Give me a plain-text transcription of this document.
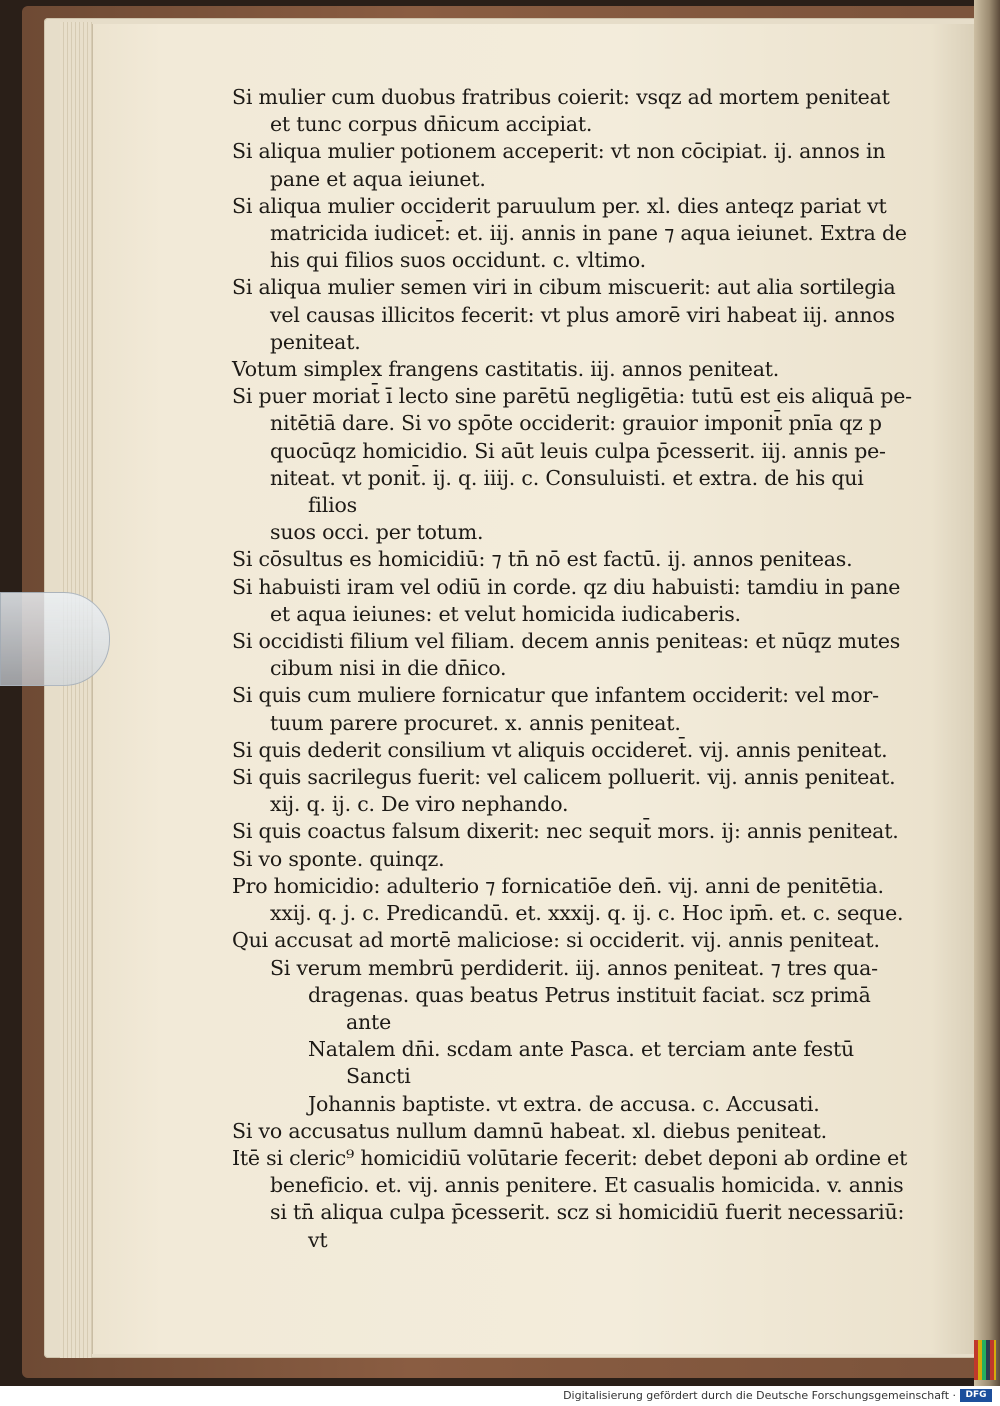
Si mulier cum duobus fratribus coierit: vsqz ad mortem peniteat
et tunc corpus dn̄icum accipiat.
Si aliqua mulier potionem acceperit: vt non cōcipiat. ij. annos in
pane et aqua ieiunet.
Si aliqua mulier occiderit paruulum per. xl. dies anteqz pariat vt
matricida iudicet̄: et. iij. annis in pane ⁊ aqua ieiunet. Extra de
his qui filios suos occidunt. c. vltimo.
Si aliqua mulier semen viri in cibum miscuerit: aut alia sortilegia
vel causas illicitos fecerit: vt plus amorē viri habeat iij. annos
peniteat.
Votum simplex frangens castitatis. iij. annos peniteat.
Si puer moriat̄ ī lecto sine parētū negligētia: tutū est eis aliquā pe-
nitētiā dare. Si vo spōte occiderit: grauior imponit̄ pnīa qz p
quocūqz homicidio. Si aūt leuis culpa p̄cesserit. iij. annis pe-
niteat. vt ponit̄. ij. q. iiij. c. Consuluisti. et extra. de his qui filios
suos occi. per totum.
Si cōsultus es homicidiū: ⁊ tn̄ nō est factū. ij. annos peniteas.
Si habuisti iram vel odiū in corde. qz diu habuisti: tamdiu in pane
et aqua ieiunes: et velut homicida iudicaberis.
Si occidisti filium vel filiam. decem annis peniteas: et nūqz mutes
cibum nisi in die dn̄ico.
Si quis cum muliere fornicatur que infantem occiderit: vel mor-
tuum parere procuret. x. annis peniteat.
Si quis dederit consilium vt aliquis occideret̄. vij. annis peniteat.
Si quis sacrilegus fuerit: vel calicem polluerit. vij. annis peniteat.
xij. q. ij. c. De viro nephando.
Si quis coactus falsum dixerit: nec sequit̄ mors. ij: annis peniteat.
Si vo sponte. quinqz.
Pro homicidio: adulterio ⁊ fornicatiōe den̄. vij. anni de penitētia.
xxij. q. j. c. Predicandū. et. xxxij. q. ij. c. Hoc ipm̄. et. c. seque.
Qui accusat ad mortē maliciose: si occiderit. vij. annis peniteat.
Si verum membrū perdiderit. iij. annos peniteat. ⁊ tres qua-
dragenas. quas beatus Petrus instituit faciat. scz primā ante
Natalem dn̄i. scdam ante Pasca. et terciam ante festū Sancti
Johannis baptiste. vt extra. de accusa. c. Accusati.
Si vo accusatus nullum damnū habeat. xl. diebus peniteat.
Itē si cleric⁹ homicidiū volūtarie fecerit: debet deponi ab ordine et
beneficio. et. vij. annis penitere. Et casualis homicida. v. annis
si tn̄ aliqua culpa p̄cesserit. scz si homicidiū fuerit necessariū: vt
Digitalisierung gefördert durch die Deutsche Forschungsgemeinschaft ·	DFG
